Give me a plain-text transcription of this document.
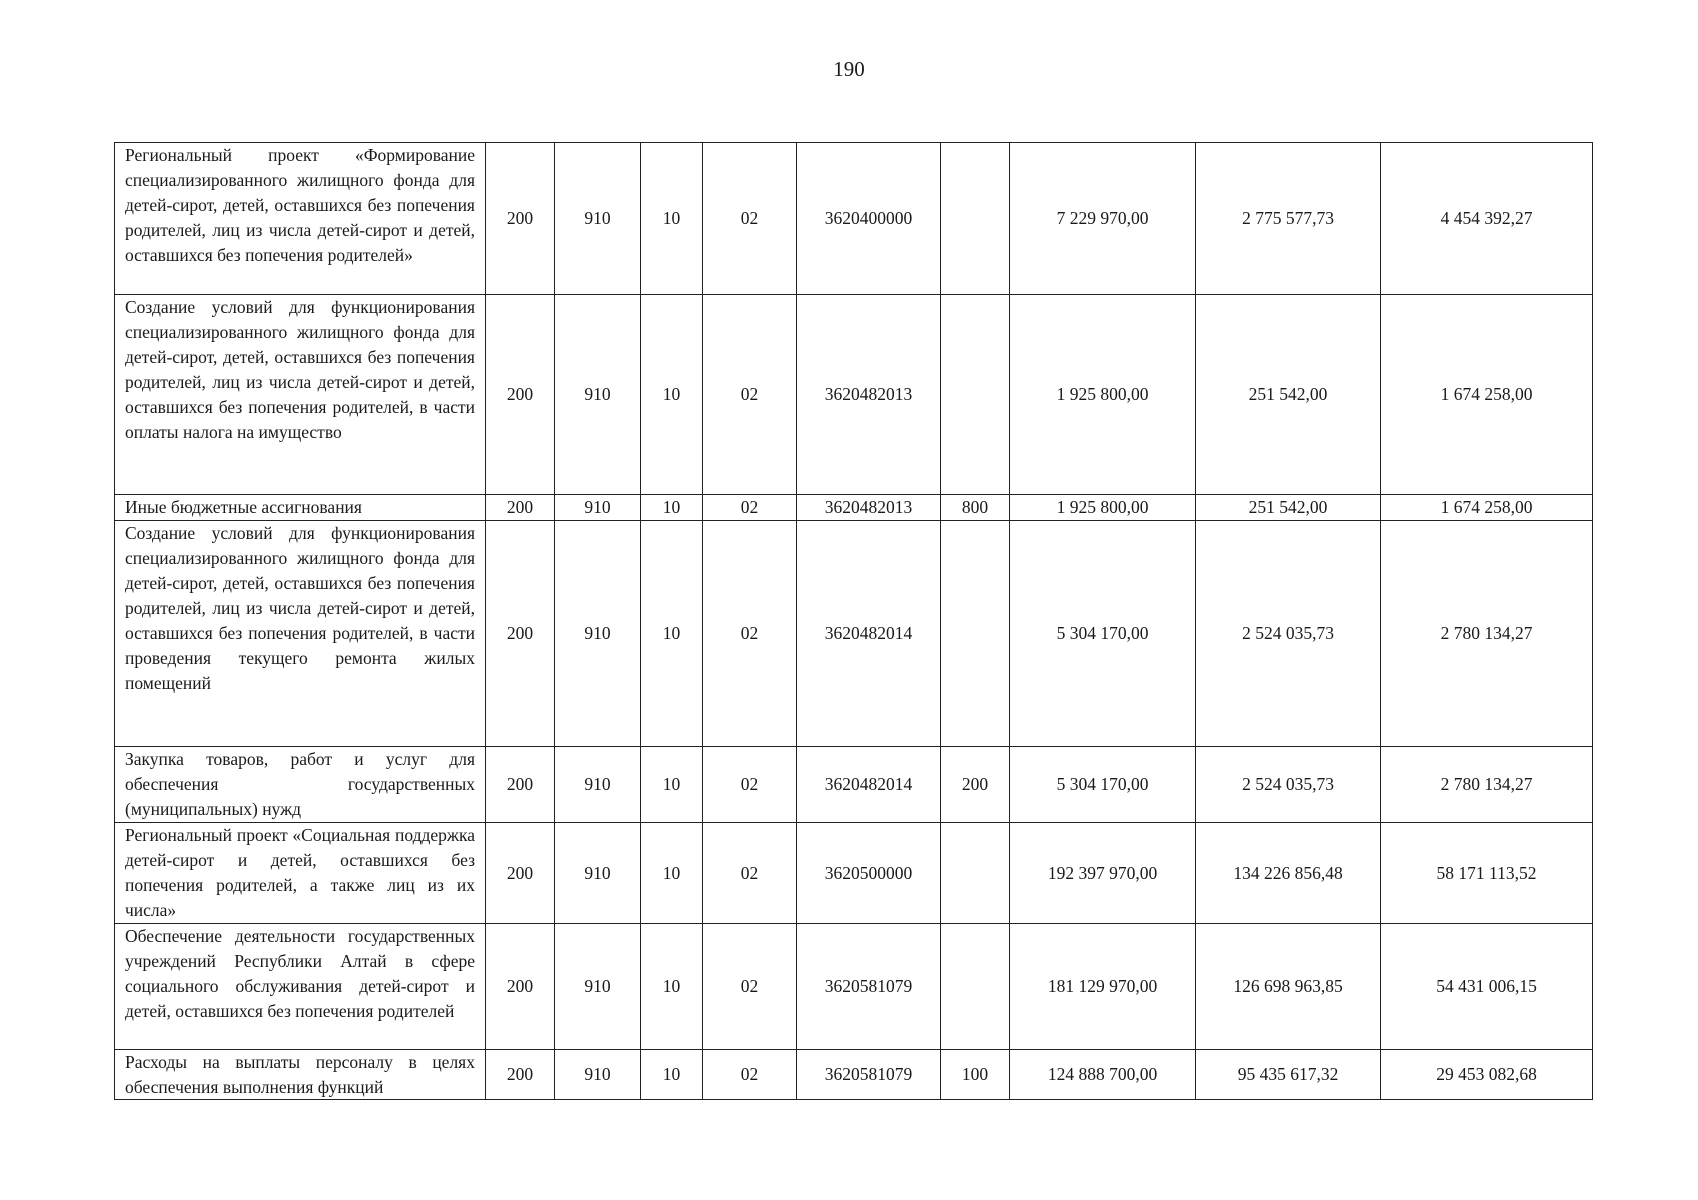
190
Региональный проект «Формирование специализированного жилищного фонда для детей-сирот, детей, оставшихся без попечения родителей, лиц из числа детей-сирот и детей, оставшихся без попечения родителей»	200	910	10	02	3620400000		7 229 970,00	2 775 577,73	4 454 392,27
Создание условий для функционирования специализированного жилищного фонда для детей-сирот, детей, оставшихся без попечения родителей, лиц из числа детей-сирот и детей, оставшихся без попечения родителей, в части оплаты налога на имущество	200	910	10	02	3620482013		1 925 800,00	251 542,00	1 674 258,00
Иные бюджетные ассигнования	200	910	10	02	3620482013	800	1 925 800,00	251 542,00	1 674 258,00
Создание условий для функционирования специализированного жилищного фонда для детей-сирот, детей, оставшихся без попечения родителей, лиц из числа детей-сирот и детей, оставшихся без попечения родителей, в части проведения текущего ремонта жилых помещений	200	910	10	02	3620482014		5 304 170,00	2 524 035,73	2 780 134,27
Закупка товаров, работ и услуг для обеспечения государственных (муниципальных) нужд	200	910	10	02	3620482014	200	5 304 170,00	2 524 035,73	2 780 134,27
Региональный проект «Социальная поддержка детей-сирот и детей, оставшихся без попечения родителей, а также лиц из их числа»	200	910	10	02	3620500000		192 397 970,00	134 226 856,48	58 171 113,52
Обеспечение деятельности государственных учреждений Республики Алтай в сфере социального обслуживания детей-сирот и детей, оставшихся без попечения родителей	200	910	10	02	3620581079		181 129 970,00	126 698 963,85	54 431 006,15

Расходы на выплаты персоналу в целях обеспечения выполнения функций	200	910	10	02	3620581079	100	124 888 700,00	95 435 617,32	29 453 082,68
